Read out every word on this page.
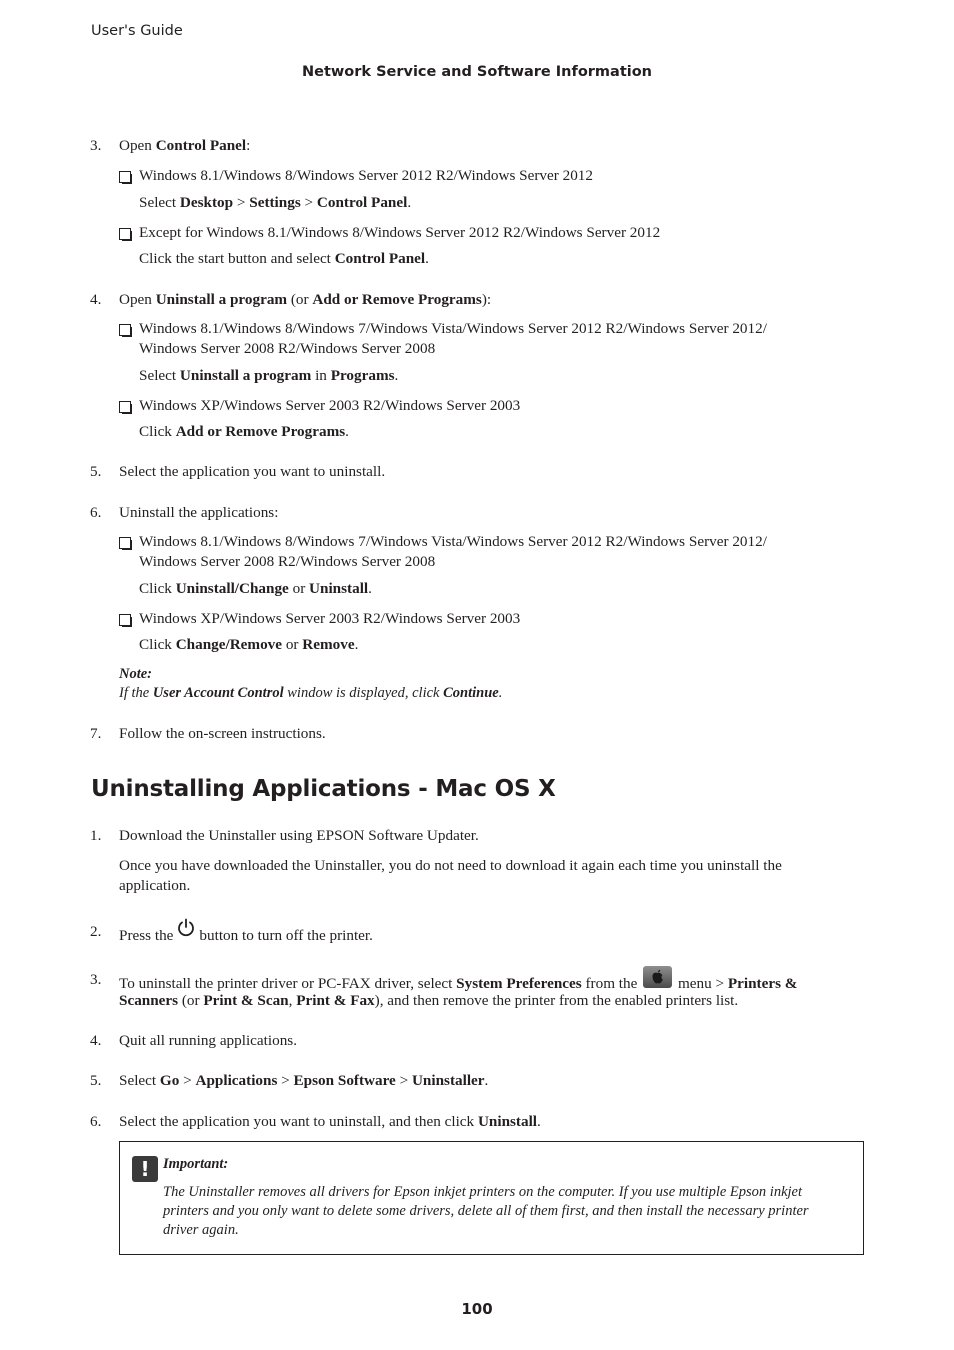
User's Guide
Network Service and Software Information
3. Open Control Panel:
Windows 8.1/Windows 8/Windows Server 2012 R2/Windows Server 2012
Select Desktop > Settings > Control Panel.
Except for Windows 8.1/Windows 8/Windows Server 2012 R2/Windows Server 2012
Click the start button and select Control Panel.
4. Open Uninstall a program (or Add or Remove Programs):
Windows 8.1/Windows 8/Windows 7/Windows Vista/Windows Server 2012 R2/Windows Server 2012/
Windows Server 2008 R2/Windows Server 2008
Select Uninstall a program in Programs.
Windows XP/Windows Server 2003 R2/Windows Server 2003
Click Add or Remove Programs.
5. Select the application you want to uninstall.
6. Uninstall the applications:
Windows 8.1/Windows 8/Windows 7/Windows Vista/Windows Server 2012 R2/Windows Server 2012/
Windows Server 2008 R2/Windows Server 2008
Click Uninstall/Change or Uninstall.
Windows XP/Windows Server 2003 R2/Windows Server 2003
Click Change/Remove or Remove.
Note:
If the User Account Control window is displayed, click Continue.
7. Follow the on-screen instructions.
Uninstalling Applications - Mac OS X
1. Download the Uninstaller using EPSON Software Updater.
Once you have downloaded the Uninstaller, you do not need to download it again each time you uninstall the
application.
2. Press the button to turn off the printer.
3. To uninstall the printer driver or PC-FAX driver, select System Preferences from the  menu > Printers &
Scanners (or Print & Scan, Print & Fax), and then remove the printer from the enabled printers list.
4. Quit all running applications.
5. Select Go > Applications > Epson Software > Uninstaller.
6. Select the application you want to uninstall, and then click Uninstall.
! Important:
The Uninstaller removes all drivers for Epson inkjet printers on the computer. If you use multiple Epson inkjet
printers and you only want to delete some drivers, delete all of them first, and then install the necessary printer
driver again.
100
